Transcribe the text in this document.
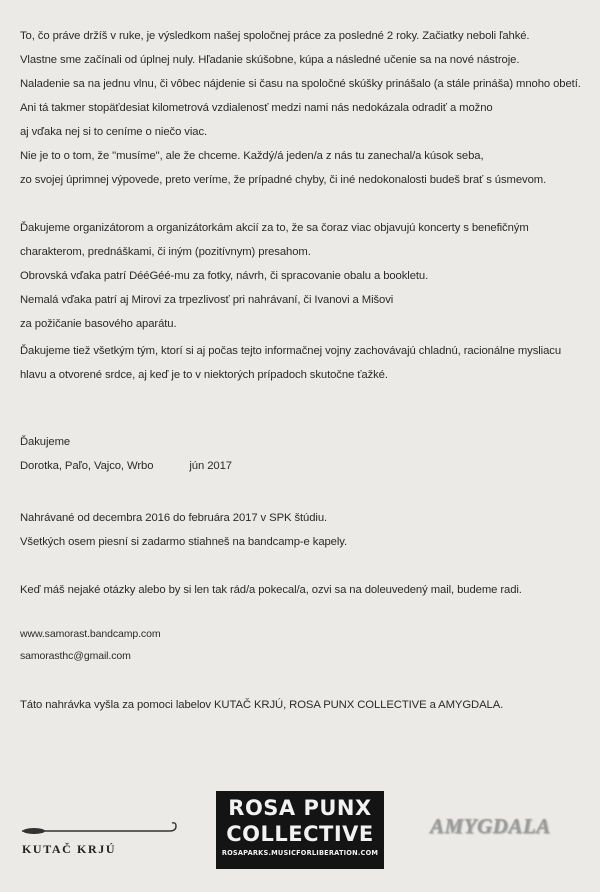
To, čo práve držíš v ruke, je výsledkom našej spoločnej práce za posledné 2 roky. Začiatky neboli ľahké.

Vlastne sme začínali od úplnej nuly. Hľadanie skúšobne, kúpa a následné učenie sa na nové nástroje.

Naladenie sa na jednu vlnu, či vôbec nájdenie si času na spoločné skúšky prinášalo (a stále prináša) mnoho obetí.

Ani tá takmer stopäťdesiat kilometrová vzdialenosť medzi nami nás nedokázala odradiť a možno

aj vďaka nej si to ceníme o niečo viac.

Nie je to o tom, že "musíme", ale že chceme. Každý/á jeden/a z nás tu zanechal/a kúsok seba,

zo svojej úprimnej výpovede, preto veríme, že prípadné chyby, či iné nedokonalosti budeš brať s úsmevom.

Ďakujeme organizátorom a organizátorkám akcií za to, že sa čoraz viac objavujú koncerty s benefičným

charakterom, prednáškami, či iným (pozitívnym) presahom.

Obrovská vďaka patrí DééGéé-mu za fotky, návrh, či spracovanie obalu a bookletu.

Nemalá vďaka patrí aj Mirovi za trpezlivosť pri nahrávaní, či Ivanovi a Mišovi

za požičanie basového aparátu.

Ďakujeme tiež všetkým tým, ktorí si aj počas tejto informačnej vojny zachovávajú chladnú, racionálne mysliacu

hlavu a otvorené srdce, aj keď je to v niektorých prípadoch skutočne ťažké.

Ďakujeme

Dorotka, Paľo, Vajco, Wrbo	jún 2017

Nahrávané od decembra 2016 do februára 2017 v SPK štúdiu.

Všetkých osem piesní si zadarmo stiahneš na bandcamp-e kapely.

Keď máš nejaké otázky alebo by si len tak rád/a pokecal/a, ozvi sa na doleuvedený mail, budeme radi.

www.samorast.bandcamp.com

samorasthc@gmail.com

Táto nahrávka vyšla za pomoci labelov KUTAČ KRJÚ, ROSA PUNX COLLECTIVE a AMYGDALA.

KUTAČ KRJÚ
ROSA PUNX
COLLECTIVE
ROSAPARKS.MUSICFORLIBERATION.COM
AMYGDALA
